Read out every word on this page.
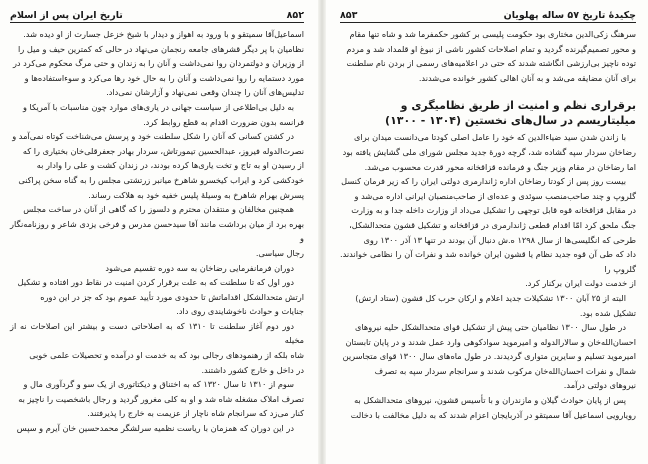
۸۵۲
تاریخ ایران پس از اسلام

اسماعیل‌آقا سمیتقو و با ورود به اهواز و دیدار با شیخ خزعل جسارت از او دیده شد.

نظامیان با پر دیگر قشرهای جامعه رنجمان می‌نهاد در حالی که کمترین حیف و میل را

از وزیران و دولتمردان روا نمی‌داشت و آنان را به زندان و حتی مرگ محکوم می‌کرد در

مورد دستمایه را روا نمی‌داشت و آنان را به حال خود رها می‌کرد و سوءاستفاده‌ها و

تدلیس‌های آنان را چندان وقعی نمی‌نهاد و آزارشان نمی‌داد.

به دلیل بی‌اطلاعی از سیاست جهانی در یاری‌های موارد چون مناسبات با آمریکا و

فرانسه بدون ضرورت اقدام به قطع روابط کرد.

در کشتن کسانی که آنان را شکل سلطنت خود و پرسش می‌شناخت کوتاه نمی‌آمد و

نصرت‌الدوله فیروز، عبدالحسین تیمورتاش، سردار بهادر جعفرقلی‌خان بختیاری را که

از رسیدن او به تاج و تخت یاری‌ها کرده بودند، در زندان کشت و علی را وادار به

خودکشی کرد و ایراب کیخسرو شاهرخ میانبر زرتشتی مجلس را به گناه سخن پراکنی

پسرش بهرام شاهرخ به وسیلهٔ پلیس خفیه خود به هلاکت رساند.

همچنین مخالفان و منتقدان محترم و دلسوز را که گاهی از آنان در ساخت مجلس

بهره برد از میان برداشت مانند آقا سیدحسن مدرس و فرخی یزدی شاعر و روزنامه‌نگار و

رجال سیاسی.

دوران فرمانفرمایی رضاخان به سه دوره تقسیم می‌شود

دور اول که تا سلطنت که به علت برقرار کردن امنیت در نقاط دور افتاده و تشکیل

ارتش متحدالشکل اقداماتش تا حدودی مورد تأیید عموم بود که جز در این دوره

جنایات و حوادث ناخوشایندی روی داد.

دور دوم آغاز سلطنت تا ۱۳۱۰ که به اصلاحاتی دست و بیشتر این اصلاحات نه از مخیله

شاه بلکه از رهنمودهای رجالی بود که به خدمت او درآمده و تحصیلات علمی خوبی

در داخل و خارج کشور داشتند.

سوم از ۱۳۱۰ تا سال ۱۳۲۰ که به اختناق و دیکتاتوری از یک سو و گردآوری مال و

تصرف املاک مشغله شاه شد و او به کلی مغرور گردید و رجال باشخصیت را ناچیز به

کنار می‌زد که سرانجام شاه ناچار از عزیمت به خارج را پذیرفتند.

در این دوران که همزمان با ریاست نظمیه سرلشگر محمدحسین خان آیرم و سپس

چکیدهٔ تاریخ ۵۷ ساله پهلویان
۸۵۳

سرهنگ زکی‌الدین مختاری بود حکومت پلیسی بر کشور حکمفرما شد و شاه تنها مقام

و محور تصمیم‌گیرنده گردید و تمام اصلاحات کشور ناشی از نبوغ او قلمداد شد و مردم

توده ناچیز بی‌ارزشی انگاشته شدند که حتی در اعلامیه‌های رسمی از بردن نام سلطنت

برای آنان مضایقه می‌شد و به آنان اهالی کشور خوانده می‌شدند.

برقراری نظم و امنیت از طریق نظامیگری و میلیتاریسم در سال‌های نخستین (۱۳۰۴ - ۱۳۰۰)

با زاندن شدن سید ضیاءالدین که خود را عامل اصلی کودتا می‌دانست میدان برای

رضاخان سردار سپه گشاده شد، گرچه دورهٔ جدید مجلس شورای ملی گشایش یافته بود

اما رضاخان در مقام وزیر جنگ و فرمانده قزاقخانه محور قدرت محسوب می‌شد.

بیست روز پس از کودتا رضاخان اداره ژاندارمری دولتی ایران را که زیر فرمان کنسل

گلروپ و چند صاحب‌منصب سوئدی و عده‌ای از صاحب‌منصبان ایرانی اداره می‌شد و

در مقابل قزاقخانه قوه قابل توجهی را تشکیل می‌داد از وزارت داخله جدا و به وزارت

جنگ ملحق کرد امّا اقدام قطعی ژاندارمری در قزاقخانه و تشکیل قشون متحدالشکل،

طرحی که انگلیسی‌ها از سال ۱۲۹۸ ه.ش دنبال آن بودند در تنها ۱۳ آذر ۱۳۰۰ روی

داد که طی آن قوه جدید نظام یا قشون ایران خوانده شد و نفرات آن را نظامی خواندند. گلروپ را

از خدمت دولت ایران برکنار کرد.

البته از ۲۵ آبان ۱۳۰۰ تشکیلات جدید اعلام و ارکان حرب کل قشون (ستاد ارتش)

تشکیل شده بود.

در طول سال ۱۳۰۰ نظامیان حتی پیش از تشکیل قوای متحدالشکل حلیه نیروهای

احسان‌الله‌خان و سالارالدوله و امیرموید سوادکوهی وارد عمل شدند و در پایان تابستان

امیرموید تسلیم و سایرین متواری گردیدند. در طول ماه‌های سال ۱۳۰۰ قوای متجاسرین

شمال و نفرات احسان‌الله‌خان مرکوب شدند و سرانجام سردار سپه به تصرف

نیروهای دولتی درآمد.

پس از پایان حوادث گیلان و مازندران و با تأسیس قشون، نیروهای متحدالشکل به

رویارویی اسماعیل آقا سمیتقو در آذربایجان اعزام شدند که به دلیل مخالفت با دخالت
